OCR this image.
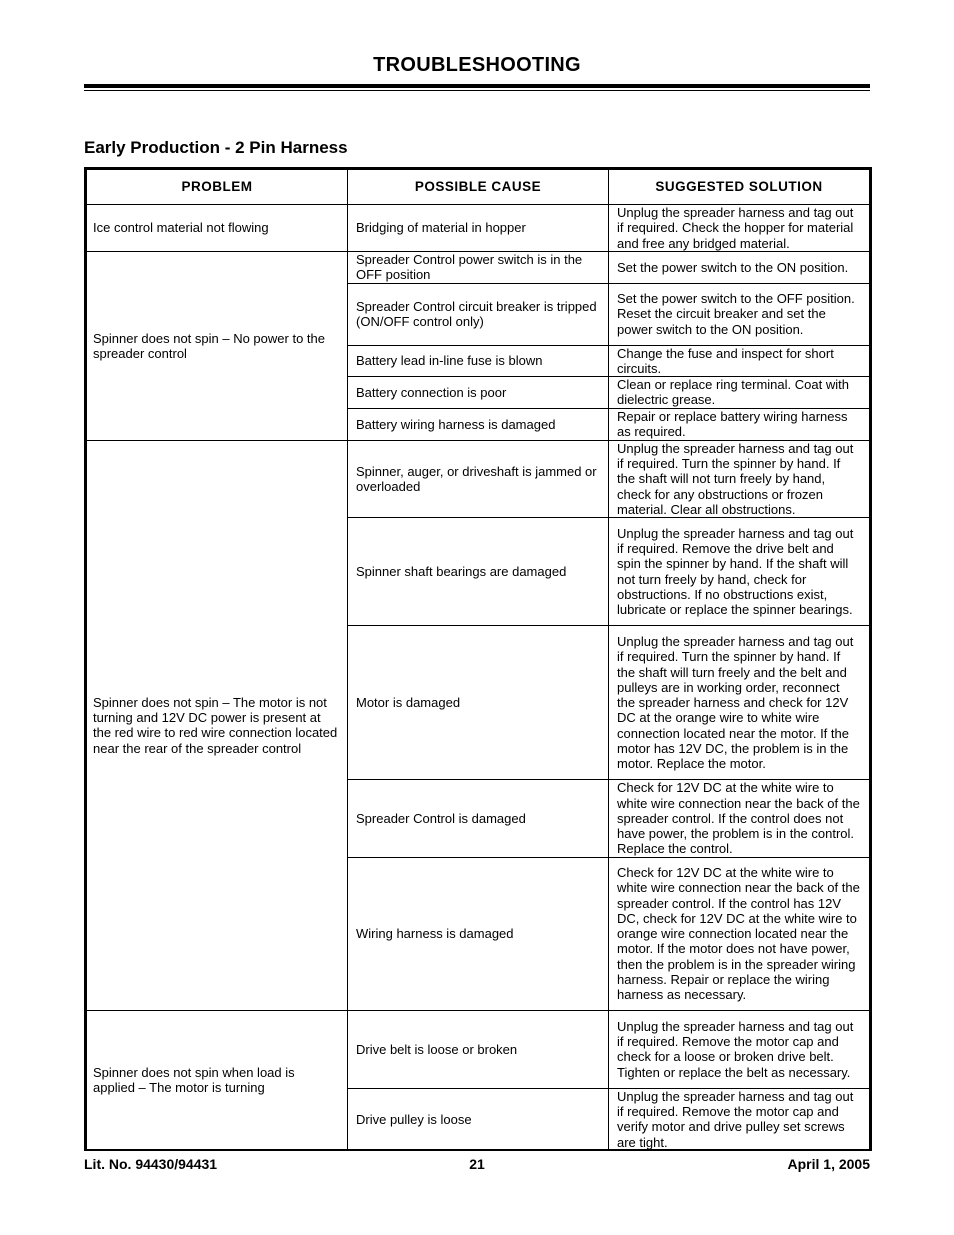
TROUBLESHOOTING
Early Production - 2 Pin Harness
PROBLEM	POSSIBLE CAUSE	SUGGESTED SOLUTION
Ice control material not flowing	Bridging of material in hopper	Unplug the spreader harness and tag out if required. Check the hopper for material and free any bridged material.
Spinner does not spin – No power to the spreader control	Spreader Control power switch is in the OFF position	Set the power switch to the ON position.
	Spreader Control circuit breaker is tripped (ON/OFF control only)	Set the power switch to the OFF position. Reset the circuit breaker and set the power switch to the ON position.
	Battery lead in-line fuse is blown	Change the fuse and inspect for short circuits.
	Battery connection is poor	Clean or replace ring terminal. Coat with dielectric grease.
	Battery wiring harness is damaged	Repair or replace battery wiring harness as required.
Spinner does not spin – The motor is not turning and 12V DC power is present at the red wire to red wire connection located near the rear of the spreader control	Spinner, auger, or driveshaft is jammed or overloaded	Unplug the spreader harness and tag out if required. Turn the spinner by hand. If the shaft will not turn freely by hand, check for any obstructions or frozen material. Clear all obstructions.
	Spinner shaft bearings are damaged	Unplug the spreader harness and tag out if required. Remove the drive belt and spin the spinner by hand. If the shaft will not turn freely by hand, check for obstructions. If no obstructions exist, lubricate or replace the spinner bearings.
	Motor is damaged	Unplug the spreader harness and tag out if required. Turn the spinner by hand. If the shaft will turn freely and the belt and pulleys are in working order, reconnect the spreader harness and check for 12V DC at the orange wire to white wire connection located near the motor. If the motor has 12V DC, the problem is in the motor. Replace the motor.
	Spreader Control is damaged	Check for 12V DC at the white wire to white wire connection near the back of the spreader control. If the control does not have power, the problem is in the control. Replace the control.
	Wiring harness is damaged	Check for 12V DC at the white wire to white wire connection near the back of the spreader control. If the control has 12V DC, check for 12V DC at the white wire to orange wire connection located near the motor. If the motor does not have power, then the problem is in the spreader wiring harness. Repair or replace the wiring harness as necessary.
Spinner does not spin when load is applied – The motor is turning	Drive belt is loose or broken	Unplug the spreader harness and tag out if required. Remove the motor cap and check for a loose or broken drive belt. Tighten or replace the belt as necessary.
	Drive pulley is loose	Unplug the spreader harness and tag out if required. Remove the motor cap and verify motor and drive pulley set screws are tight.
Lit. No. 94430/94431	21	April 1, 2005
